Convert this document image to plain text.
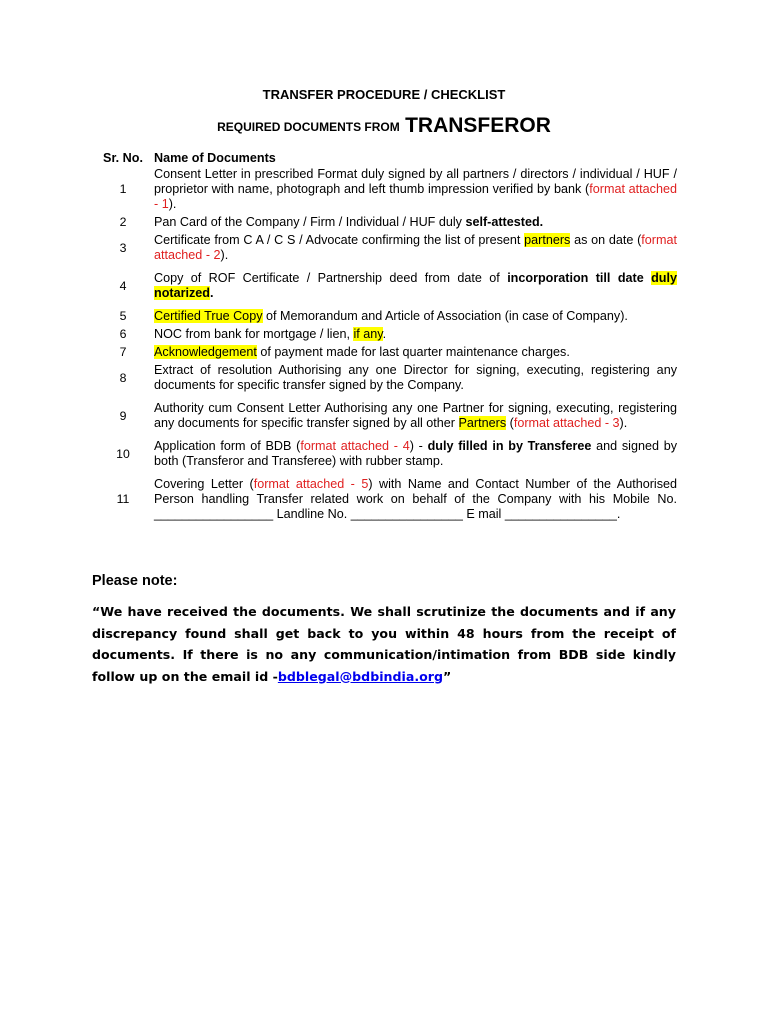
TRANSFER PROCEDURE / CHECKLIST
REQUIRED DOCUMENTS FROM TRANSFEROR
Sr. No.	Name of Documents
1	Consent Letter in prescribed Format duly signed by all partners / directors / individual / HUF / proprietor with name, photograph and left thumb impression verified by bank (format attached - 1).
2	Pan Card of the Company / Firm / Individual / HUF duly self-attested.
3	Certificate from C A / C S / Advocate confirming the list of present partners as on date (format attached - 2).
4	Copy of ROF Certificate / Partnership deed from date of incorporation till date duly notarized.
5	Certified True Copy of Memorandum and Article of Association (in case of Company).
6	NOC from bank for mortgage / lien, if any.
7	Acknowledgement of payment made for last quarter maintenance charges.
8	Extract of resolution Authorising any one Director for signing, executing, registering any documents for specific transfer signed by the Company.
9	Authority cum Consent Letter Authorising any one Partner for signing, executing, registering any documents for specific transfer signed by all other Partners (format attached - 3).
10	Application form of BDB (format attached - 4) - duly filled in by Transferee and signed by both (Transferor and Transferee) with rubber stamp.
11	Covering Letter (format attached - 5) with Name and Contact Number of the Authorised Person handling Transfer related work on behalf of the Company with his Mobile No. _________________ Landline No. ________________ E mail ________________.
Please note:
“We have received the documents. We shall scrutinize the documents and if any discrepancy found shall get back to you within 48 hours from the receipt of documents. If there is no any communication/intimation from BDB side kindly follow up on the email id -bdblegal@bdbindia.org”
